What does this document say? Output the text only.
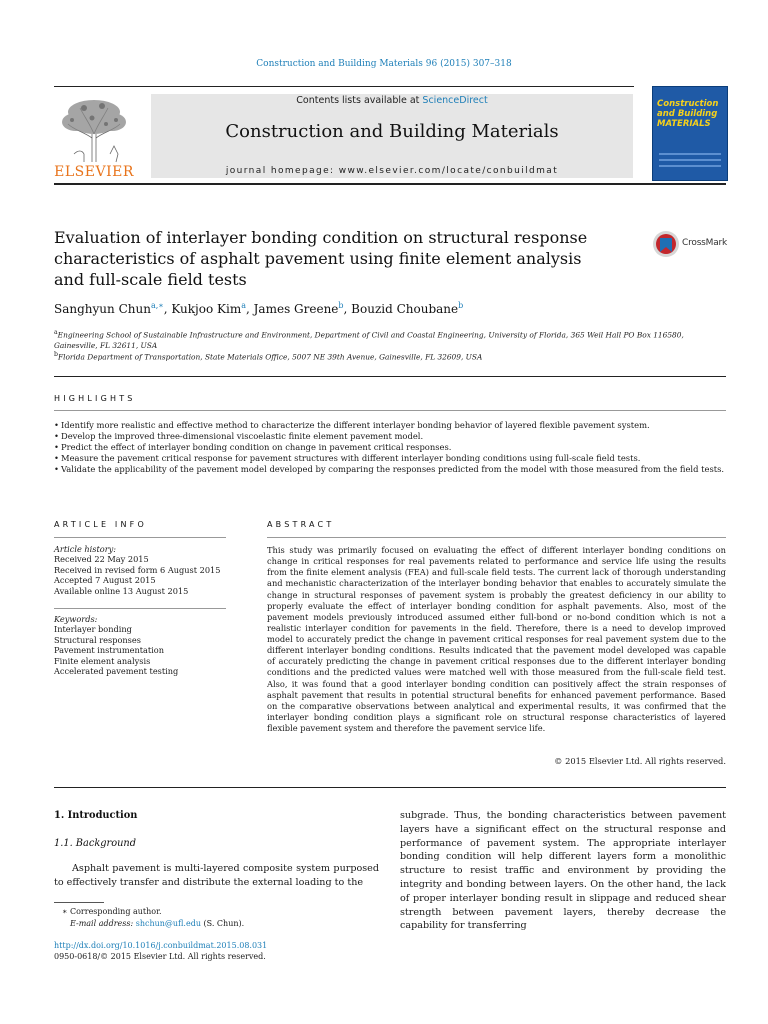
Construction and Building Materials 96 (2015) 307–318
ELSEVIER
Contents lists available at ScienceDirect
Construction and Building Materials
journal homepage: www.elsevier.com/locate/conbuildmat
Construction and Building MATERIALS
Evaluation of interlayer bonding condition on structural response characteristics of asphalt pavement using finite element analysis and full-scale field tests
CrossMark
Sanghyun Chun$^{a,∗}$, Kukjoo Kim$^a$, James Greene$^b$, Bouzid Choubane$^b$
$^a$Engineering School of Sustainable Infrastructure and Environment, Department of Civil and Coastal Engineering, University of Florida, 365 Weil Hall PO Box 116580, Gainesville, FL 32611, USA
$^b$Florida Department of Transportation, State Materials Office, 5007 NE 39th Avenue, Gainesville, FL 32609, USA
HIGHLIGHTS
• Identify more realistic and effective method to characterize the different interlayer bonding behavior of layered flexible pavement system.
• Develop the improved three-dimensional viscoelastic finite element pavement model.
• Predict the effect of interlayer bonding condition on change in pavement critical responses.
• Measure the pavement critical response for pavement structures with different interlayer bonding conditions using full-scale field tests.
• Validate the applicability of the pavement model developed by comparing the responses predicted from the model with those measured from the field tests.
ARTICLE INFO
Article history:
Received 22 May 2015
Received in revised form 6 August 2015
Accepted 7 August 2015
Available online 13 August 2015
Keywords:
Interlayer bonding
Structural responses
Pavement instrumentation
Finite element analysis
Accelerated pavement testing
ABSTRACT
This study was primarily focused on evaluating the effect of different interlayer bonding conditions on change in critical responses for real pavements related to performance and service life using the results from the finite element analysis (FEA) and full-scale field tests. The current lack of thorough understanding and mechanistic characterization of the interlayer bonding behavior that enables to accurately simulate the change in structural responses of pavement system is probably the greatest deficiency in our ability to properly evaluate the effect of interlayer bonding condition for asphalt pavements. Also, most of the pavement models previously introduced assumed either full-bond or no-bond condition which is not a realistic interlayer condition for pavements in the field. Therefore, there is a need to develop improved model to accurately predict the change in pavement critical responses for real pavement system due to the different interlayer bonding conditions. Results indicated that the pavement model developed was capable of accurately predicting the change in pavement critical responses due to the different interlayer bonding conditions and the predicted values were matched well with those measured from the full-scale field test. Also, it was found that a good interlayer bonding condition can positively affect the strain responses of asphalt pavement that results in potential structural benefits for enhanced pavement performance. Based on the comparative observations between analytical and experimental results, it was confirmed that the interlayer bonding condition plays a significant role on structural response characteristics of layered flexible pavement system and therefore the pavement service life.
© 2015 Elsevier Ltd. All rights reserved.
1. Introduction
1.1. Background
Asphalt pavement is multi-layered composite system purposed to effectively transfer and distribute the external loading to the
subgrade. Thus, the bonding characteristics between pavement layers have a significant effect on the structural response and performance of pavement system. The appropriate interlayer bonding condition will help different layers form a monolithic structure to resist traffic and environment by providing the integrity and bonding between layers. On the other hand, the lack of proper interlayer bonding result in slippage and reduced shear strength between pavement layers, thereby decrease the capability for transferring
∗ Corresponding author.
E-mail address: shchun@ufl.edu (S. Chun).
http://dx.doi.org/10.1016/j.conbuildmat.2015.08.031
0950-0618/© 2015 Elsevier Ltd. All rights reserved.
